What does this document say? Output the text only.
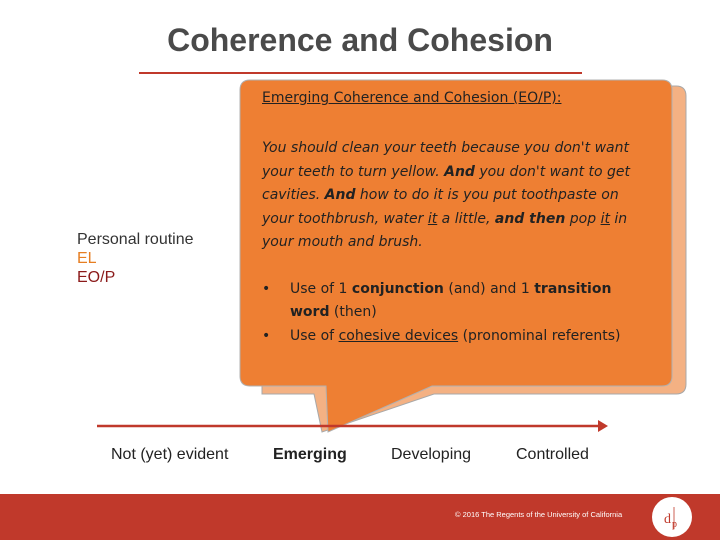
Coherence and Cohesion
Personal routine
EL
EO/P
Emerging Coherence and Cohesion (EO/P):
You should clean your teeth because you don't want your teeth to turn yellow. And you don't want to get cavities. And how to do it is you put toothpaste on your toothbrush, water it a little, and then pop it in your mouth and brush.
• Use of 1 conjunction (and) and 1 transition word (then)
• Use of cohesive devices (pronominal referents)
Not (yet) evident	Emerging	Developing	Controlled
© 2016 The Regents of the University of California	d p
